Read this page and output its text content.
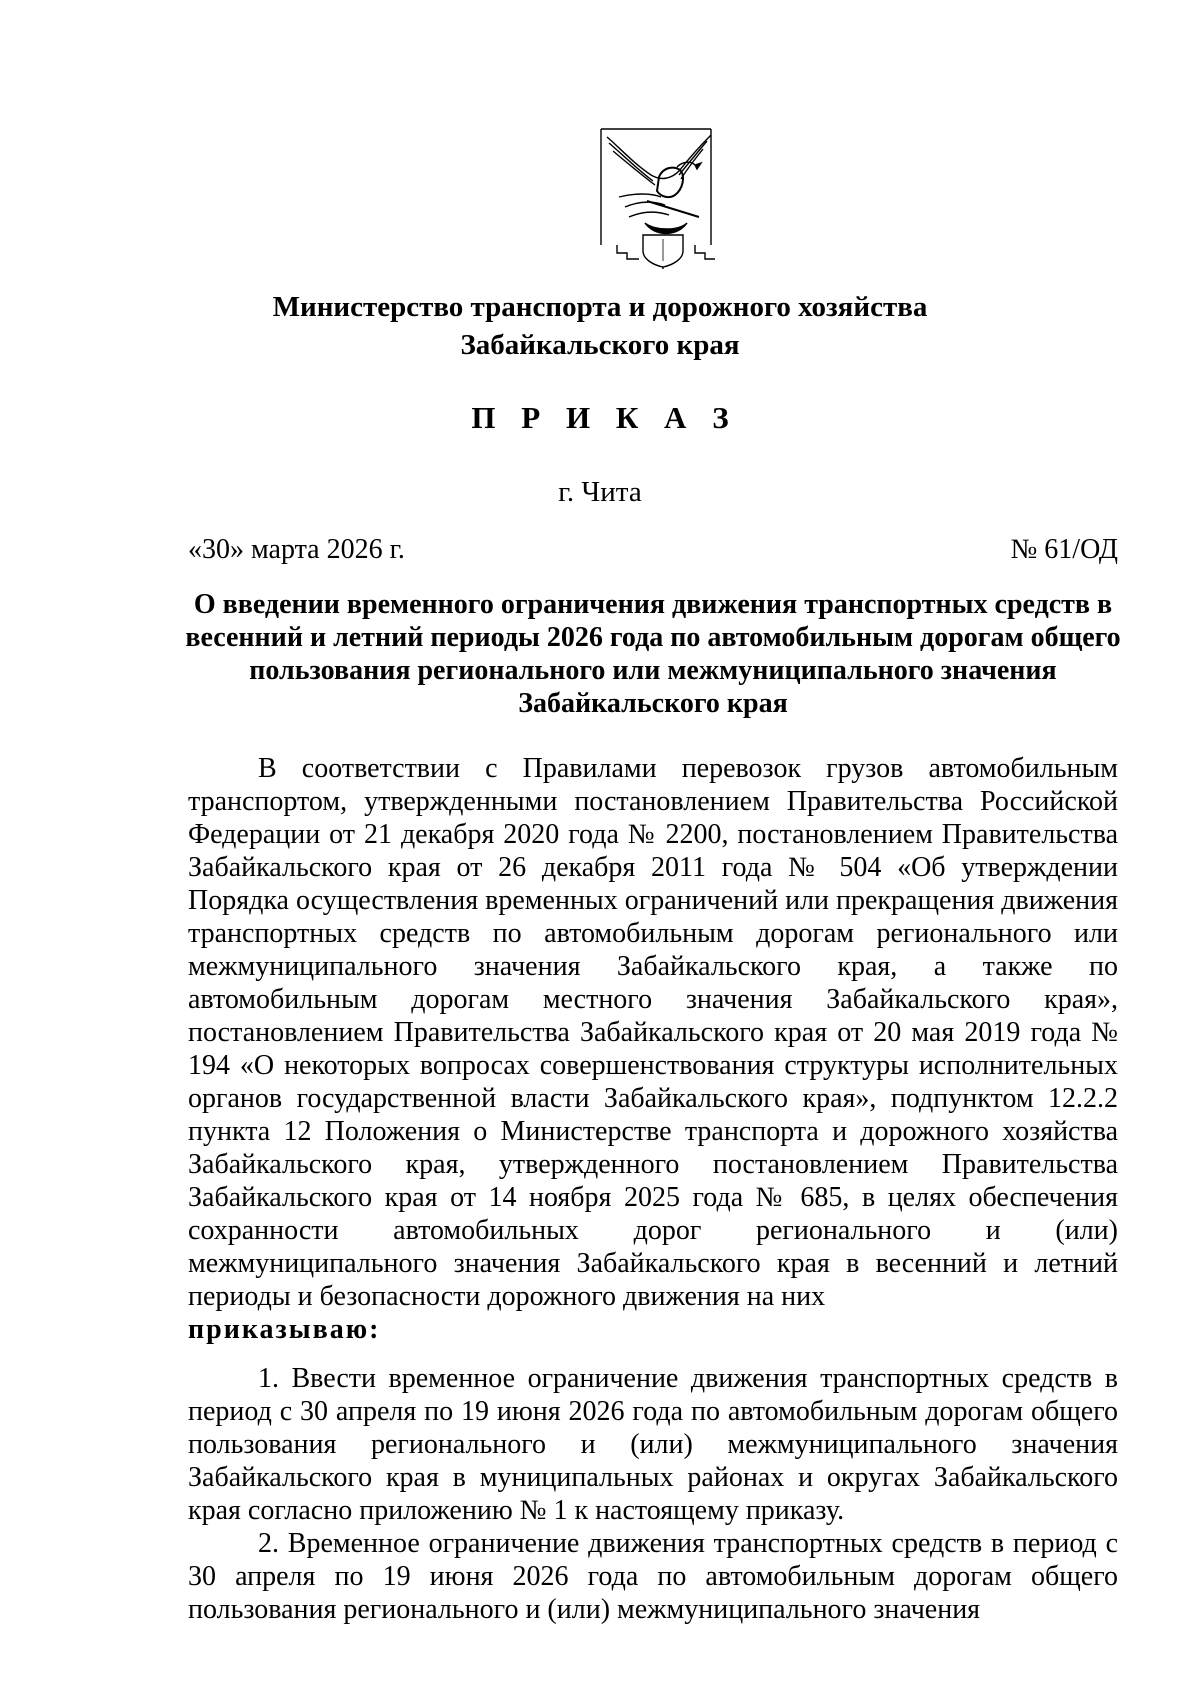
Министерство транспорта и дорожного хозяйства
Забайкальского края
П Р И К А З
г. Чита
«30» марта 2026 г.	№ 61/ОД
О введении временного ограничения движения транспортных средств в весенний и летний периоды 2026 года по автомобильным дорогам общего пользования регионального или межмуниципального значения Забайкальского края

В соответствии с Правилами перевозок грузов автомобильным транспортом, утвержденными постановлением Правительства Российской Федерации от 21 декабря 2020 года № 2200, постановлением Правительства Забайкальского края от 26 декабря 2011 года № 504 «Об утверждении Порядка осуществления временных ограничений или прекращения движения транспортных средств по автомобильным дорогам регионального или межмуниципального значения Забайкальского края, а также по автомобильным дорогам местного значения Забайкальского края», постановлением Правительства Забайкальского края от 20 мая 2019 года № 194 «О некоторых вопросах совершенствования структуры исполнительных органов государственной власти Забайкальского края», подпунктом 12.2.2 пункта 12 Положения о Министерстве транспорта и дорожного хозяйства Забайкальского края, утвержденного постановлением Правительства Забайкальского края от 14 ноября 2025 года № 685, в целях обеспечения сохранности автомобильных дорог регионального и (или) межмуниципального значения Забайкальского края в весенний и летний периоды и безопасности дорожного движения на них
приказываю:

1. Ввести временное ограничение движения транспортных средств в период с 30 апреля по 19 июня 2026 года по автомобильным дорогам общего пользования регионального и (или) межмуниципального значения Забайкальского края в муниципальных районах и округах Забайкальского края согласно приложению № 1 к настоящему приказу.

2. Временное ограничение движения транспортных средств в период с 30 апреля по 19 июня 2026 года по автомобильным дорогам общего пользования регионального и (или) межмуниципального значения
